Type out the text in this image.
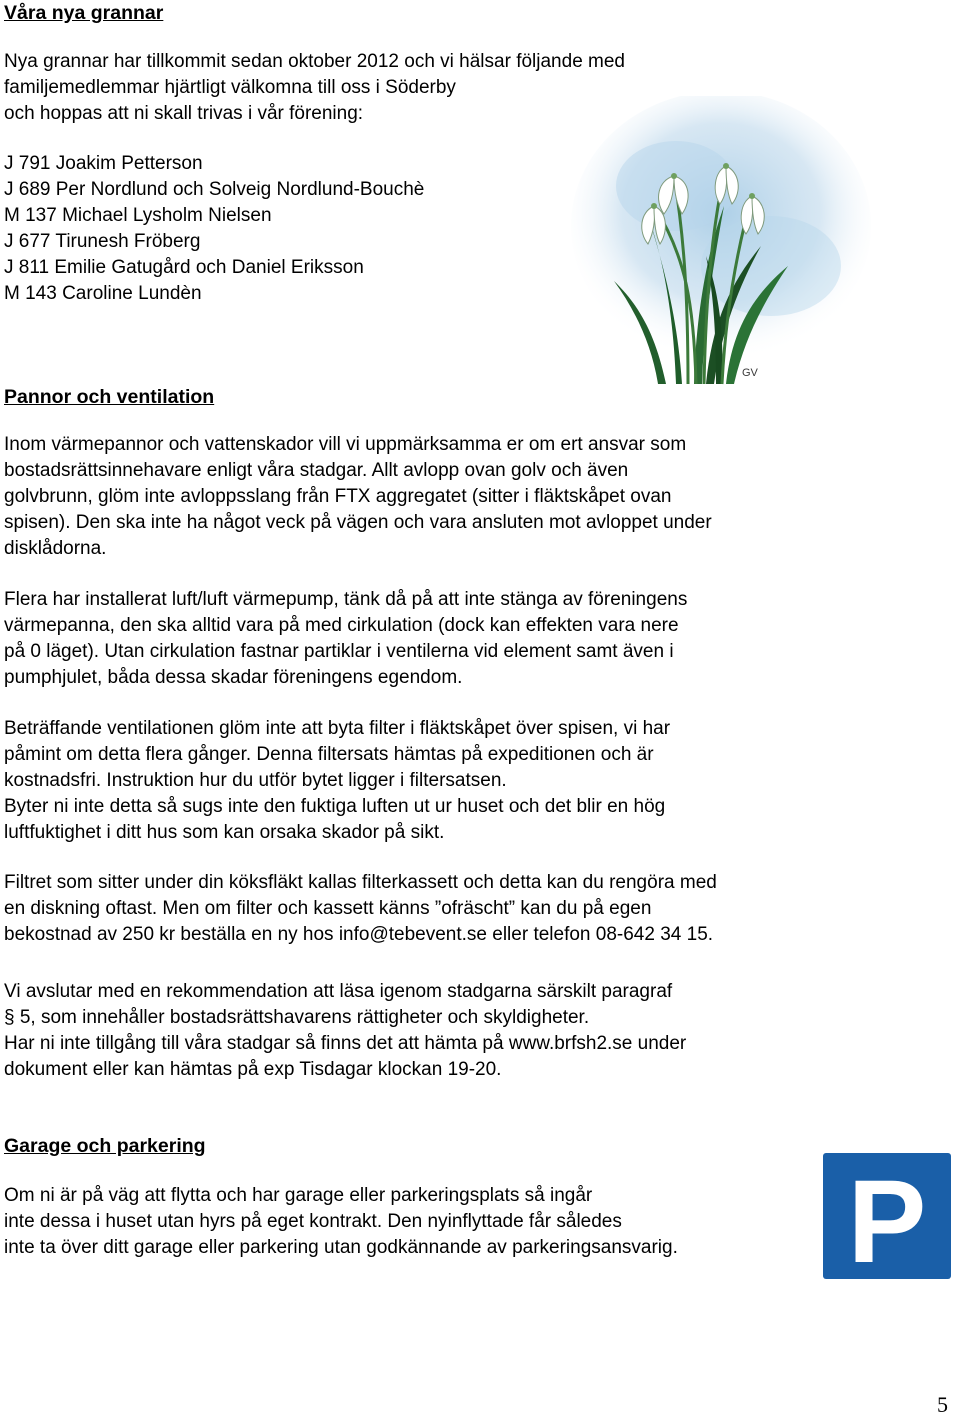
Våra nya grannar
Nya grannar har tillkommit sedan oktober 2012 och vi hälsar följande med
familjemedlemmar hjärtligt välkomna till oss i Söderby
och hoppas att ni skall trivas i vår förening:
J 791 Joakim Petterson
J 689 Per Nordlund och Solveig Nordlund-Bouchè
M 137 Michael Lysholm Nielsen
J 677 Tirunesh Fröberg
J 811 Emilie Gatugård och Daniel Eriksson
M 143 Caroline Lundèn
GV
Pannor och ventilation
Inom värmepannor och vattenskador vill vi uppmärksamma er om ert ansvar som
bostadsrättsinnehavare enligt våra stadgar. Allt avlopp ovan golv och även
golvbrunn, glöm inte avloppsslang från FTX aggregatet (sitter i fläktskåpet ovan
spisen). Den ska inte ha något veck på vägen och vara ansluten mot avloppet under
disklådorna.
Flera har installerat luft/luft värmepump, tänk då på att inte stänga av föreningens
värmepanna, den ska alltid vara på med cirkulation (dock kan effekten vara nere
på 0 läget). Utan cirkulation fastnar partiklar i ventilerna vid element samt även i
pumphjulet, båda dessa skadar föreningens egendom.
Beträffande ventilationen glöm inte att byta filter i fläktskåpet över spisen, vi har
påmint om detta flera gånger. Denna filtersats hämtas på expeditionen och är
kostnadsfri. Instruktion hur du utför bytet ligger i filtersatsen.
Byter ni inte detta så sugs inte den fuktiga luften ut ur huset och det blir en hög
luftfuktighet i ditt hus som kan orsaka skador på sikt.
Filtret som sitter under din köksfläkt kallas filterkassett och detta kan du rengöra med
en diskning oftast. Men om filter och kassett känns ”ofräscht” kan du på egen
bekostnad av 250 kr beställa en ny hos info@tebevent.se eller telefon 08-642 34 15.
Vi avslutar med en rekommendation att läsa igenom stadgarna särskilt paragraf
§ 5, som innehåller bostadsrättshavarens rättigheter och skyldigheter.
Har ni inte tillgång till våra stadgar så finns det att hämta på www.brfsh2.se under
dokument eller kan hämtas på exp Tisdagar klockan 19-20.
Garage och parkering
Om ni är på väg att flytta och har garage eller parkeringsplats så ingår
inte dessa i huset utan hyrs på eget kontrakt. Den nyinflyttade får således
inte ta över ditt garage eller parkering utan godkännande av parkeringsansvarig. P
5
